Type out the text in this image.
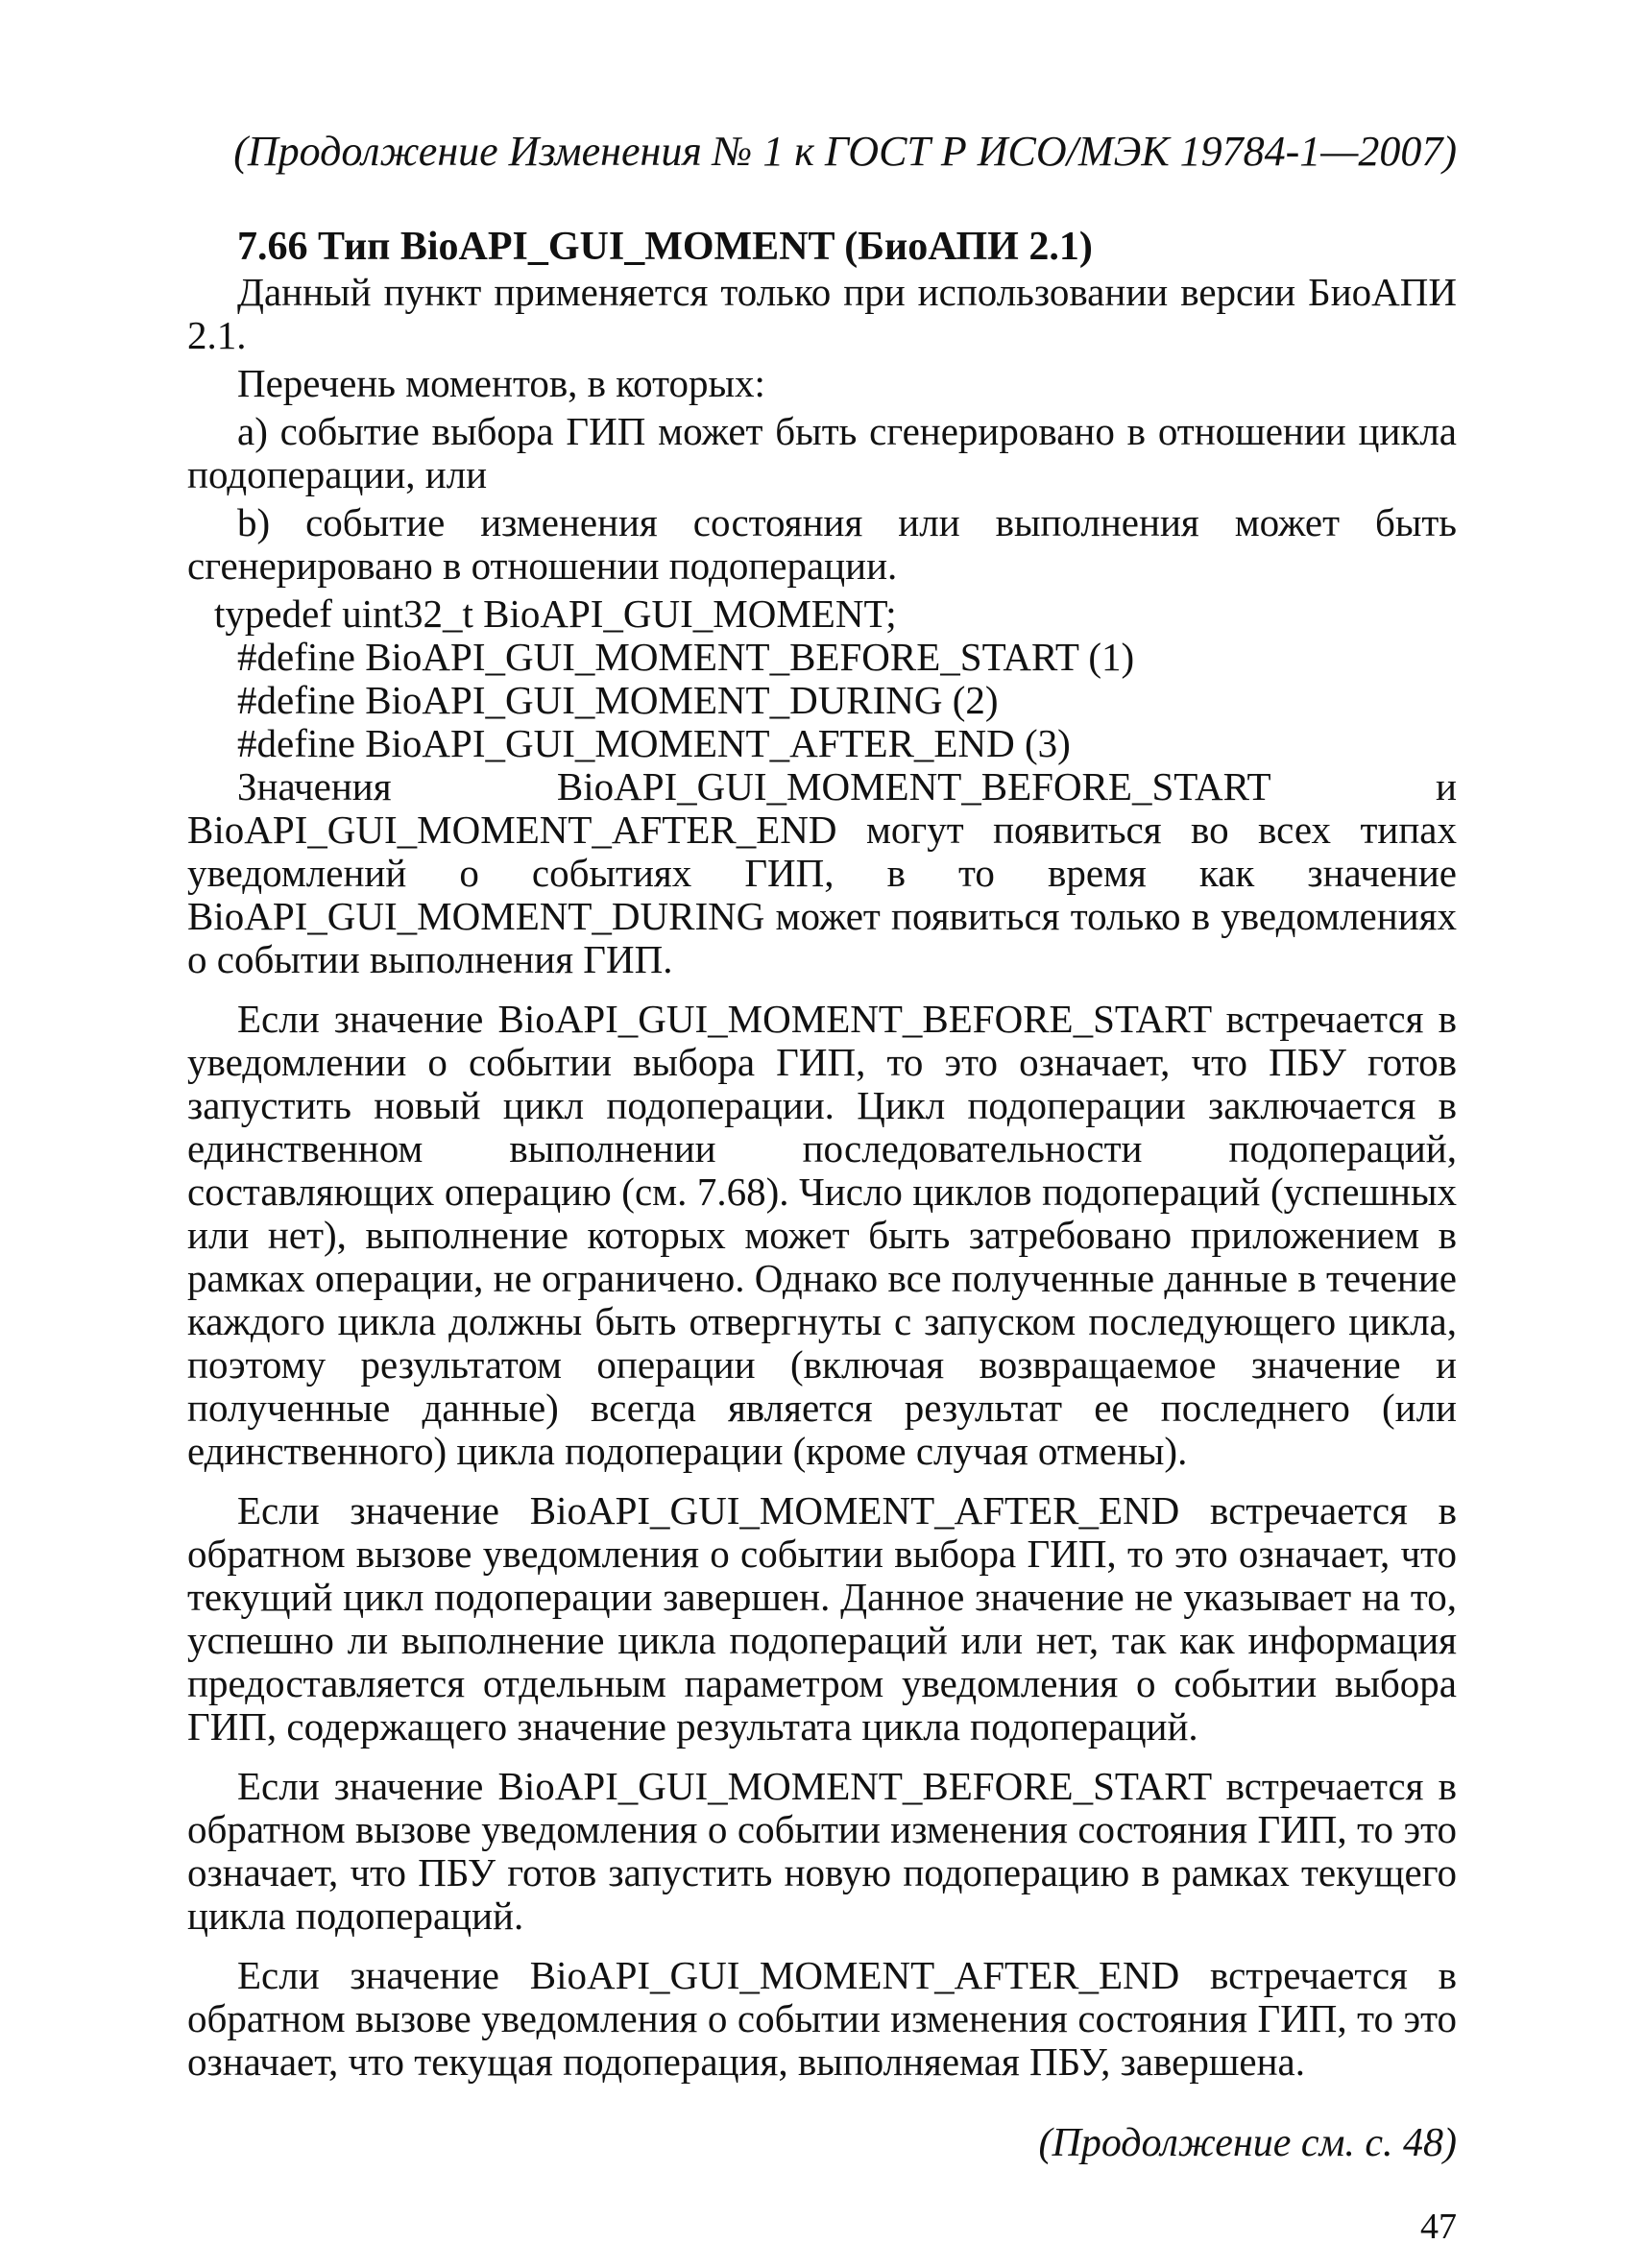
(Продолжение Изменения № 1 к ГОСТ Р ИСО/МЭК 19784-1—2007)

7.66 Тип BioAPI_GUI_MOMENT (БиоАПИ 2.1)

Данный пункт применяется только при использовании версии БиоАПИ 2.1.

Перечень моментов, в которых:

а) событие выбора ГИП может быть сгенерировано в отношении цикла подоперации, или

b) событие изменения состояния или выполнения может быть сгенерировано в отношении подоперации.

typedef uint32_t BioAPI_GUI_MOMENT;

#define BioAPI_GUI_MOMENT_BEFORE_START (1)

#define BioAPI_GUI_MOMENT_DURING (2)

#define BioAPI_GUI_MOMENT_AFTER_END (3)

Значения BioAPI_GUI_MOMENT_BEFORE_START и BioAPI_GUI_MOMENT_AFTER_END могут появиться во всех типах уведомлений о событиях ГИП, в то время как значение BioAPI_GUI_MOMENT_DURING может появиться только в уведомлениях о событии выполнения ГИП.

Если значение BioAPI_GUI_MOMENT_BEFORE_START встречается в уведомлении о событии выбора ГИП, то это означает, что ПБУ готов запустить новый цикл подоперации. Цикл подоперации заключается в единственном выполнении последовательности подопераций, составляющих операцию (см. 7.68). Число циклов подопераций (успешных или нет), выполнение которых может быть затребовано приложением в рамках операции, не ограничено. Однако все полученные данные в течение каждого цикла должны быть отвергнуты с запуском последующего цикла, поэтому результатом операции (включая возвращаемое значение и полученные данные) всегда является результат ее последнего (или единственного) цикла подоперации (кроме случая отмены).

Если значение BioAPI_GUI_MOMENT_AFTER_END встречается в обратном вызове уведомления о событии выбора ГИП, то это означает, что текущий цикл подоперации завершен. Данное значение не указывает на то, успешно ли выполнение цикла подопераций или нет, так как информация предоставляется отдельным параметром уведомления о событии выбора ГИП, содержащего значение результата цикла подопераций.

Если значение BioAPI_GUI_MOMENT_BEFORE_START встречается в обратном вызове уведомления о событии изменения состояния ГИП, то это означает, что ПБУ готов запустить новую подоперацию в рамках текущего цикла подопераций.

Если значение BioAPI_GUI_MOMENT_AFTER_END встречается в обратном вызове уведомления о событии изменения состояния ГИП, то это означает, что текущая подоперация, выполняемая ПБУ, завершена.

(Продолжение см. с. 48)
47
